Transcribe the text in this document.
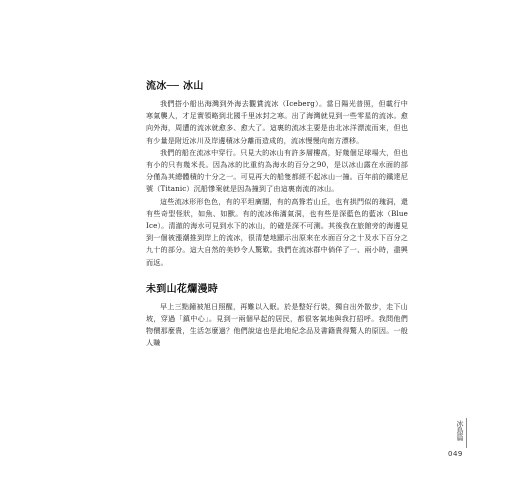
流冰── 冰山

我們搭小船出海灣到外海去觀賞流冰（Iceberg）。當日陽光普照，但載行中寒氣襲人，才足實領略到北國千里冰封之寒。出了海灣就見到一些零星的流冰。愈向外海，周遭的流冰就愈多、愈大了。這裏的流冰主要是由北冰洋漂流而來，但也有少量是附近冰川及岸邊積冰分離而造成的，流冰慢慢向南方漂移。

我們的船在流冰中穿行。只見大的冰山有許多層樓高，好幾個足球場大，但也有小的只有幾米長。因為冰的比重約為海水的百分之90，是以冰山露在水面的部分僅為其總體積的十分之一。可見再大的船隻都經不起冰山一撞。百年前的鐵達尼號（Titanic）沉船慘案就是因為撞到了由這裏南流的冰山。

這些流冰形形色色，有的平坦廣闊，有的高聳若山丘，也有拱門似的瑰洞，還有些奇型怪狀，如魚、如獸。有的流冰佈滿氣洞，也有些是深藍色的藍冰（Blue Ice）。清澈的海水可見到水下的冰山，的確是深不可測。其後我在旅館旁的海邊見到一個被漲潮推到岸上的流冰，很清楚地顯示出原來在水面百分之十及水下百分之九十的部分。這大自然的美妙令人驚歎。我們在流冰群中倘佯了一、兩小時，盡興而返。

未到山花爛漫時

早上三點鐘被旭日照醒，再難以入眠。於是整好行裝，獨自出外散步，走下山坡，穿過「鎮中心」。見到一兩個早起的居民，都很客氣地與我打招呼。我問他們物價那麼貴，生活怎麼過？他們說這也是此地紀念品及書籍貴得驚人的原因。一般人賺

冰島篇
049
